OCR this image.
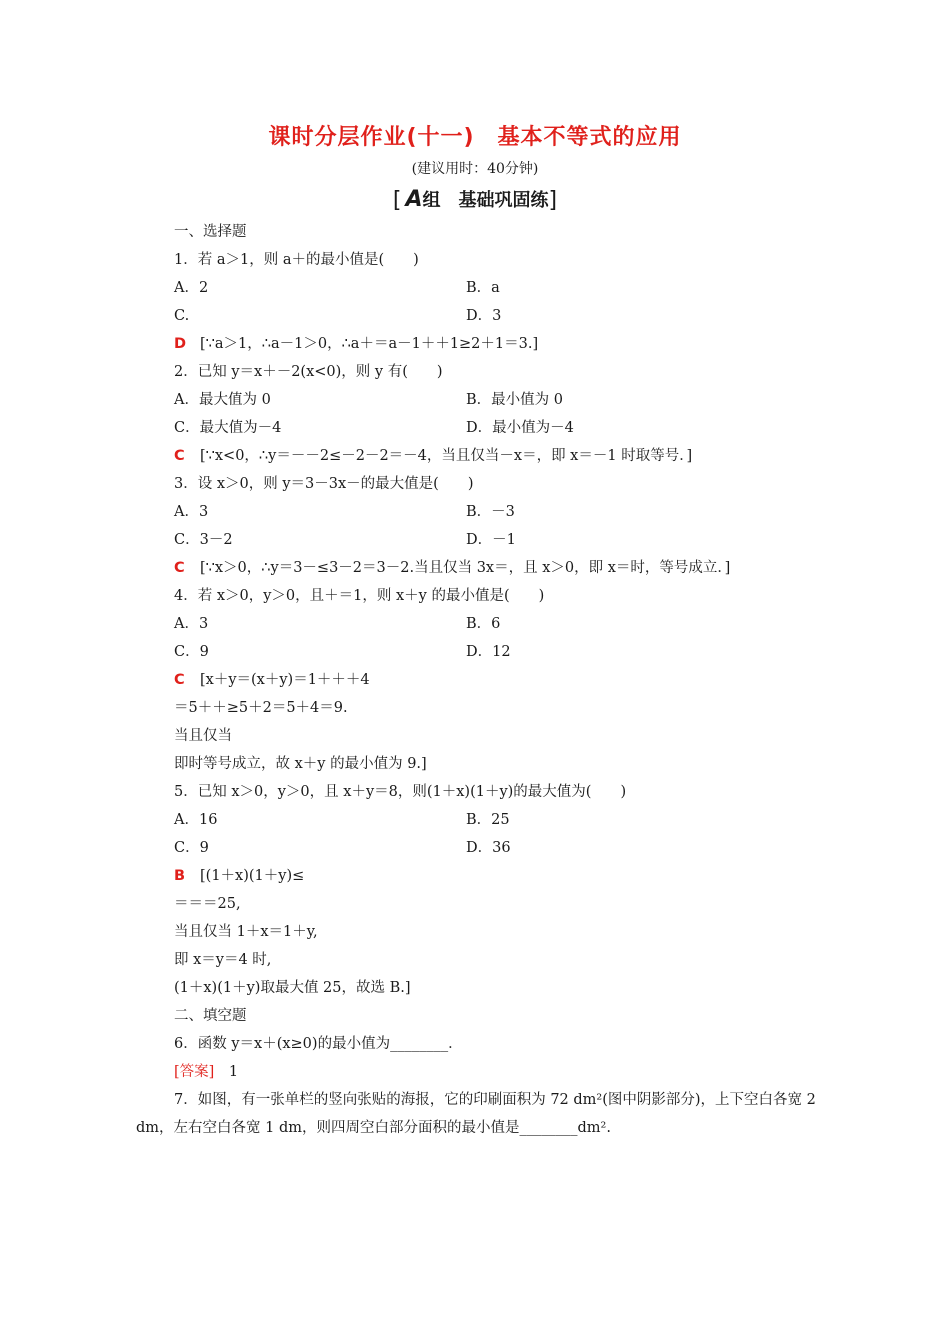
课时分层作业(十一)　基本不等式的应用
(建议用时：40分钟)
[ A组 基础巩固练]
一、选择题
1．若 a＞1，则 a＋的最小值是(　　)
A．2	B．a
C.	D．3
D [∵a＞1，∴a－1＞0，∴a＋＝a－1＋＋1≥2＋1＝3.]
2．已知 y＝x＋－2(x<0)，则 y 有(　　)
A．最大值为 0	B．最小值为 0
C．最大值为－4	D．最小值为－4
C [∵x<0，∴y＝－－2≤－2－2＝－4，当且仅当－x＝，即 x＝－1 时取等号．]
3．设 x＞0，则 y＝3－3x－的最大值是(　　)
A．3	B．－3
C．3－2	D．－1
C [∵x＞0，∴y＝3－≤3－2＝3－2.当且仅当 3x＝，且 x＞0，即 x＝时，等号成立．]
4．若 x＞0，y＞0，且＋＝1，则 x＋y 的最小值是(　　)
A．3	B．6
C．9	D．12
C [x＋y＝(x＋y)＝1＋＋＋4
＝5＋＋≥5＋2＝5＋4＝9.
当且仅当
即时等号成立，故 x＋y 的最小值为 9.]
5．已知 x＞0，y＞0，且 x＋y＝8，则(1＋x)(1＋y)的最大值为(　　)
A．16	B．25
C．9	D．36
B [(1＋x)(1＋y)≤
＝＝＝25,
当且仅当 1＋x＝1＋y,
即 x＝y＝4 时,
(1＋x)(1＋y)取最大值 25，故选 B.]
二、填空题
6．函数 y＝x＋(x≥0)的最小值为________．
[答案]　 1
7．如图，有一张单栏的竖向张贴的海报，它的印刷面积为 72 dm²(图中阴影部分)，上下空白各宽 2 dm，左右空白各宽 1 dm，则四周空白部分面积的最小值是________dm².
